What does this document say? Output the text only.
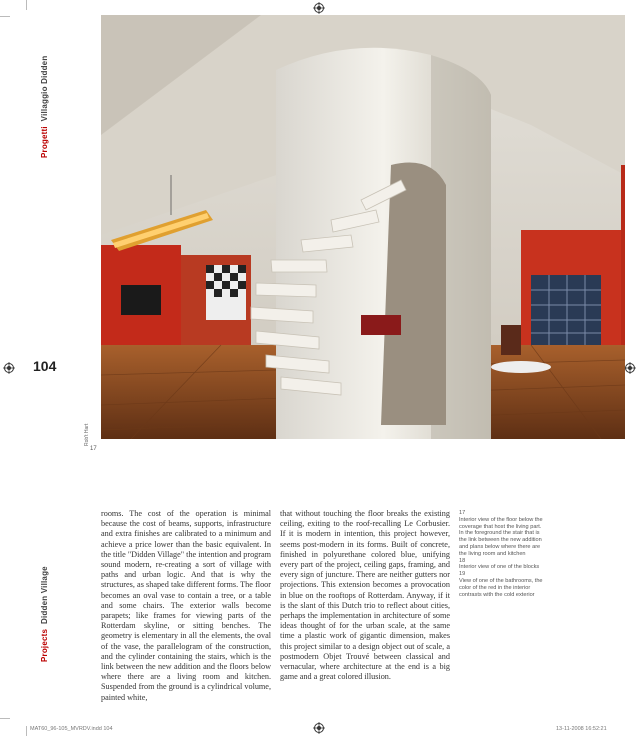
Progetti  Villaggio Didden
Projects  Didden Village
104
Rob't Hart
17

rooms. The cost of the operation is minimal because the cost of beams, supports, infrastructure and extra finishes are calibrated to a minimum and achieve a price lower than the basic equivalent. In the title "Didden Village" the intention and program sound modern, re-creating a sort of village with paths and urban logic. And that is why the structures, as shaped take different forms. The floor becomes an oval vase to contain a tree, or a table and some chairs. The exterior walls become parapets; like frames for viewing parts of the Rotterdam skyline, or sitting benches. The geometry is elementary in all the elements, the oval of the vase, the parallelogram of the construction, and the cylinder containing the stairs, which is the link between the new addition and the floors below where there are a living room and kitchen. Suspended from the ground is a cylindrical volume, painted white,

that without touching the floor breaks the existing ceiling, exiting to the roof-recalling Le Corbusier. If it is modern in intention, this project however, seems post-modern in its forms. Built of concrete, finished in polyurethane colored blue, unifying every part of the project, ceiling gaps, framing, and every sign of juncture. There are neither gutters nor projections. This extension becomes a provocation in blue on the rooftops of Rotterdam. Anyway, if it is the slant of this Dutch trio to reflect about cities, perhaps the implementation in architecture of some ideas thought of for the urban scale, at the same time a plastic work of gigantic dimension, makes this project similar to a design object out of scale, a postmodern Objet Trouvé between classical and vernacular, where architecture at the end is a big game and a great colored illusion.

17
Interior view of the floor below the coverage that host the living part. In the foreground the stair that is the link between the new addition and plans below where there are the living room and kitchen
18
Interior view of one of the blocks
19
View of one of the bathrooms, the color of the red in the interior contrasts with the cold exterior
MAT60_96-105_MVRDV.indd 104	13-11-2008 16:52:21
